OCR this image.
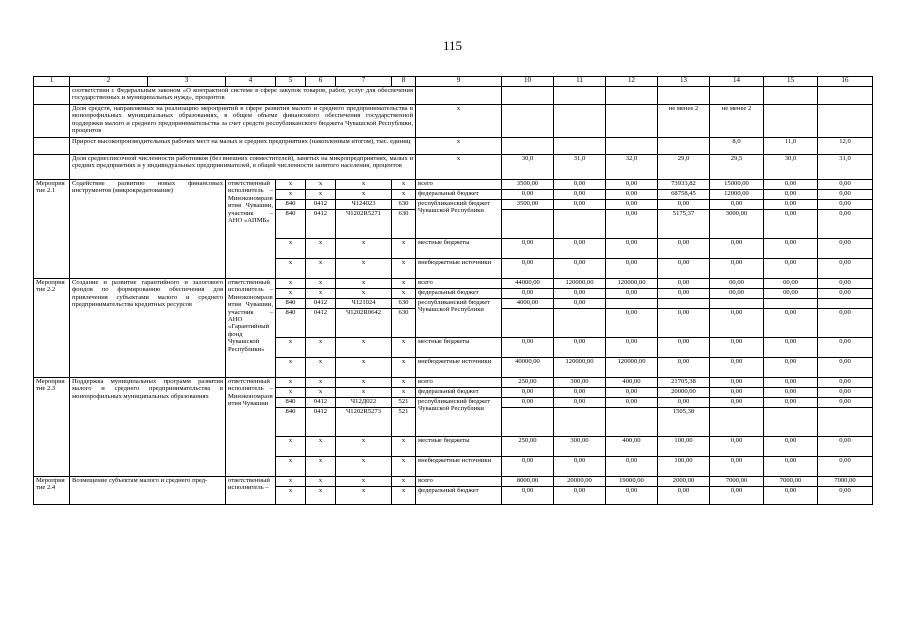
115
1	2	3	4	5	6	7	8	9	10	11	12	13	14	15	16
	соответствии с Федеральным законом «О контрактной системе в сфере закупок товаров, работ, услуг для обеспечения государственных и муниципальных нужд», процентов														
	Доля средств, направляемых на реализацию мероприятий в сфере развития малого и среднего предпринимательства в монопрофильных муниципальных образованиях, в общем объеме финансового обеспечения государственной поддержки малого и среднего предпринимательства за счет средств республиканского бюджета Чувашской Республики, процентов							х				не менее 2	не менее 2		
	Прирост высокопроизводительных рабочих мест на малых и средних предприятиях (накопленным итогом), тыс. единиц							х					8,0	11,0	12,0
	Доля среднесписочной численности работников (без внешних совместителей), занятых на микропредприятиях, малых и средних предприятиях и у индивидуальных предпринимателей, в общей численности занятого населения, процентов							х	30,0	31,0	32,0	29,0	29,5	30,0	31,0
Мероприятие 2.1	Содействие развитию новых финансовых инструментов (микрокредитование)		ответственный исполнитель – Минэкономразвития Чувашии, участник – АНО «АПМБ»	х	х	х	х	всего	3500,00	0,00	0,00	73933,82	15000,00	0,00	0,00
				х	х	х	х	федеральный бюджет	0,00	0,00	0,00	68758,45	12000,00	0,00	0,00
				840	0412	Ч124023	630	республиканский бюджет Чувашской Республики	3500,00	0,00	0,00	0,00	0,00	0,00	0,00
				840	0412	Ч1202R5271	630				0,00	5175,37	3000,00	0,00	0,00
				х	х	х	х	местные бюджеты	0,00	0,00	0,00	0,00	0,00	0,00	0,00
				х	х	х	х	внебюджетные источники	0,00	0,00	0,00	0,00	0,00	0,00	0,00
Мероприятие 2.2	Создание и развитие гарантийного и залогового фондов по формированию обеспечения для привлечения субъектами малого и среднего предпринимательства кредитных ресурсов		ответственный исполнитель – Минэкономразвития Чувашии, участник – АНО «Гарантийный фонд Чувашской Республики»	х	х	х	х	всего	44000,00	120000,00	120000,00	0,00	00,00	00,00	0,00
				х	х	х	х	федеральный бюджет	0,00	0,00	0,00	0,00	00,00	00,00	0,00
				840	0412	Ч121024	630	республиканский бюджет Чувашской Республики	4000,00	0,00					
				840	0412	Ч1202R0642	630				0,00	0,00	0,00	0,00	0,00
				х	х	х	х	местные бюджеты	0,00	0,00	0,00	0,00	0,00	0,00	0,00
				х	х	х	х	внебюджетные источники	40000,00	120000,00	120000,00	0,00	0,00	0,00	0,00
Мероприятие 2.3	Поддержка муниципальных программ развития малого и среднего предпринимательства в монопрофильных муниципальных образованиях		ответственный исполнитель – Минэкономразвития Чувашии	х	х	х	х	всего	250,00	300,00	400,00	21705,38	0,00	0,00	0,00
				х	х	х	х	федеральный бюджет	0,00	0,00	0,00	20000,00	0,00	0,00	0,00
				840	0412	Ч12Д022	521	республиканский бюджет Чувашской Республики	0,00	0,00	0,00	0,00	0,00	0,00	0,00
				840	0412	Ч1202R5273	521					1505,38			
				х	х	х	х	местные бюджеты	250,00	300,00	400,00	100,00	0,00	0,00	0,00
				х	х	х	х	внебюджетные источники	0,00	0,00	0,00	100,00	0,00	0,00	0,00
Мероприятие 2.4	Возмещение субъектам малого и среднего пред-		ответственный исполнитель –	х	х	х	х	всего	8000,00	20000,00	19000,00	2000,00	7000,00	7000,00	7000,00
				х	х	х	х	федеральный бюджет	0,00	0,00	0,00	0,00	0,00	0,00	0,00
